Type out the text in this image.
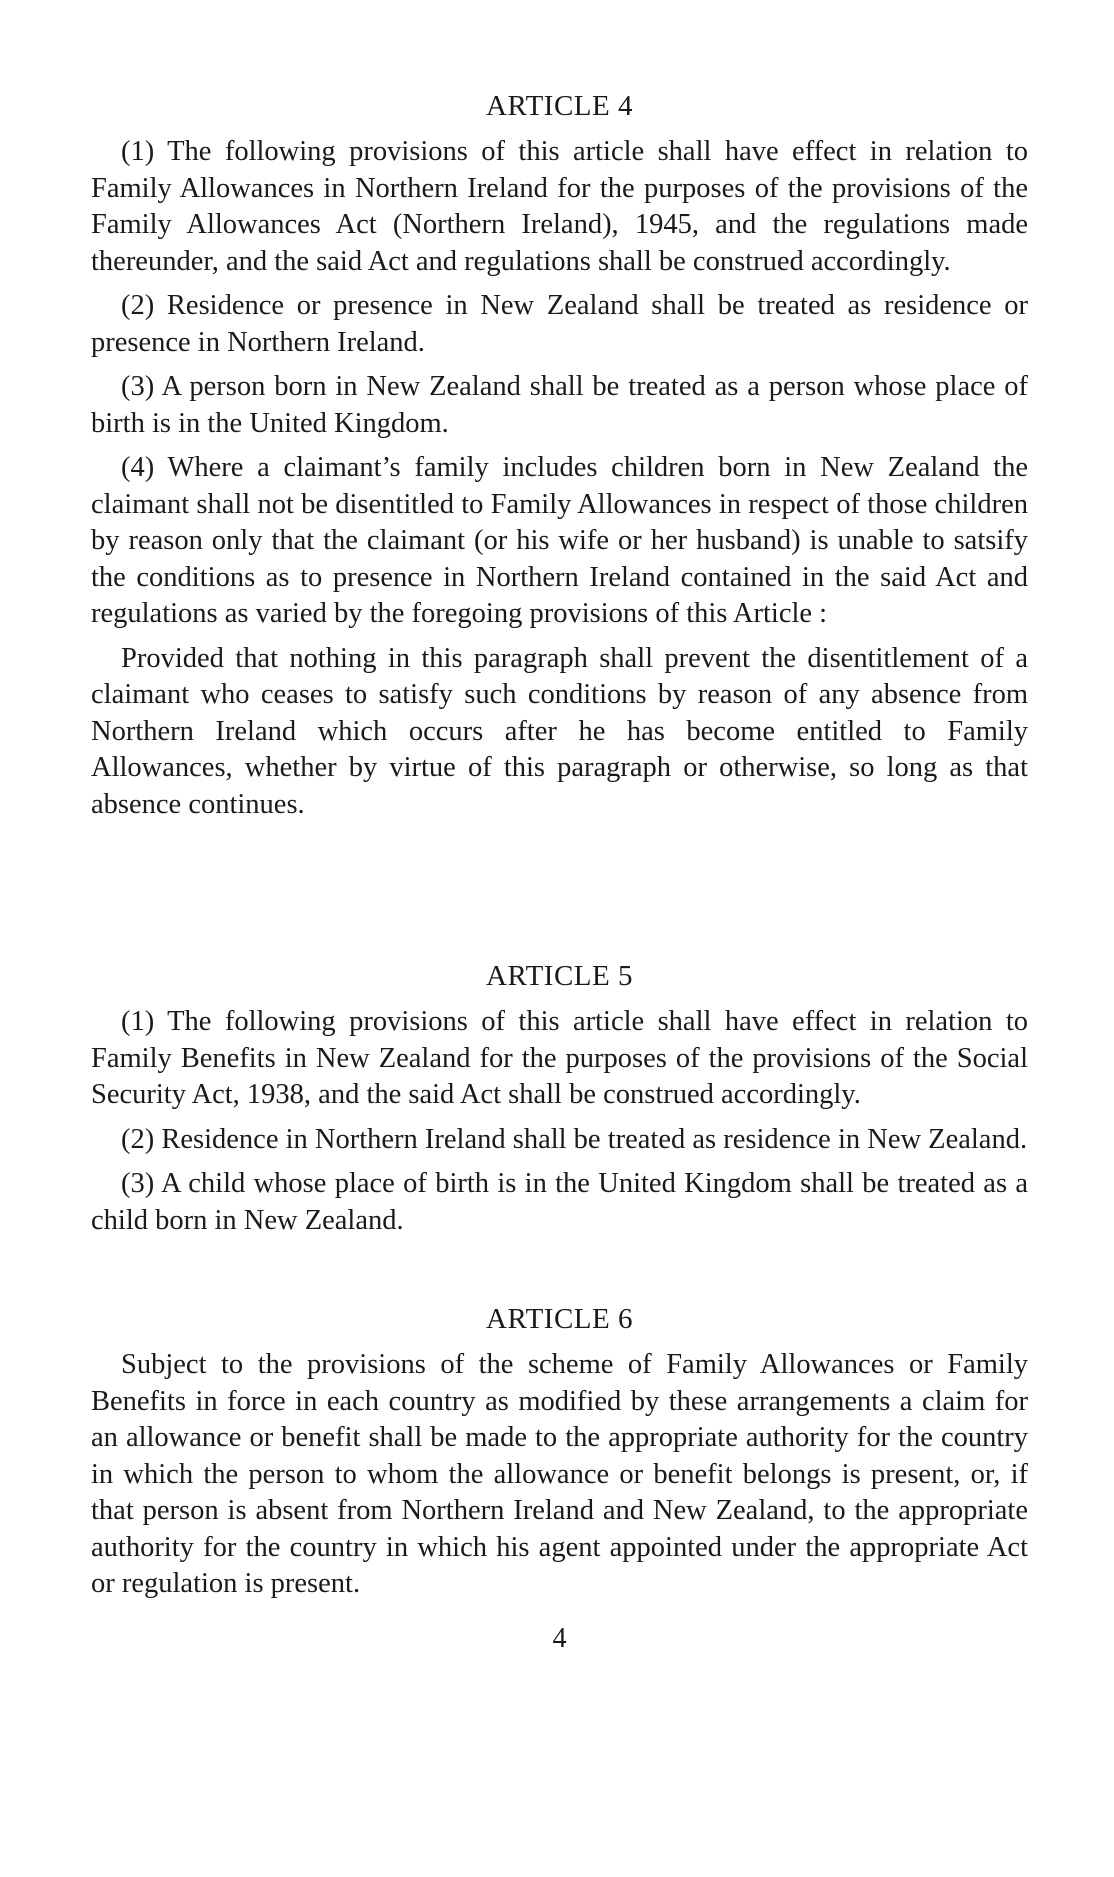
ARTICLE 4

(1) The following provisions of this article shall have effect in relation to Family Allowances in Northern Ireland for the purposes of the provisions of the Family Allowances Act (Northern Ireland), 1945, and the regulations made thereunder, and the said Act and regulations shall be construed accordingly.

(2) Residence or presence in New Zealand shall be treated as residence or presence in Northern Ireland.

(3) A person born in New Zealand shall be treated as a person whose place of birth is in the United Kingdom.

(4) Where a claimant’s family includes children born in New Zealand the claimant shall not be disentitled to Family Allowances in respect of those children by reason only that the claimant (or his wife or her husband) is unable to satsify the conditions as to presence in Northern Ireland contained in the said Act and regulations as varied by the foregoing provisions of this Article :

Provided that nothing in this paragraph shall prevent the disentitlement of a claimant who ceases to satisfy such conditions by reason of any absence from Northern Ireland which occurs after he has become entitled to Family Allowances, whether by virtue of this paragraph or otherwise, so long as that absence continues.

ARTICLE 5

(1) The following provisions of this article shall have effect in relation to Family Benefits in New Zealand for the purposes of the provisions of the Social Security Act, 1938, and the said Act shall be construed accordingly.

(2) Residence in Northern Ireland shall be treated as residence in New Zealand.

(3) A child whose place of birth is in the United Kingdom shall be treated as a child born in New Zealand.

ARTICLE 6

Subject to the provisions of the scheme of Family Allowances or Family Benefits in force in each country as modified by these arrangements a claim for an allowance or benefit shall be made to the appropriate authority for the country in which the person to whom the allowance or benefit belongs is present, or, if that person is absent from Northern Ireland and New Zealand, to the appropriate authority for the country in which his agent appointed under the appropriate Act or regulation is present.

4
